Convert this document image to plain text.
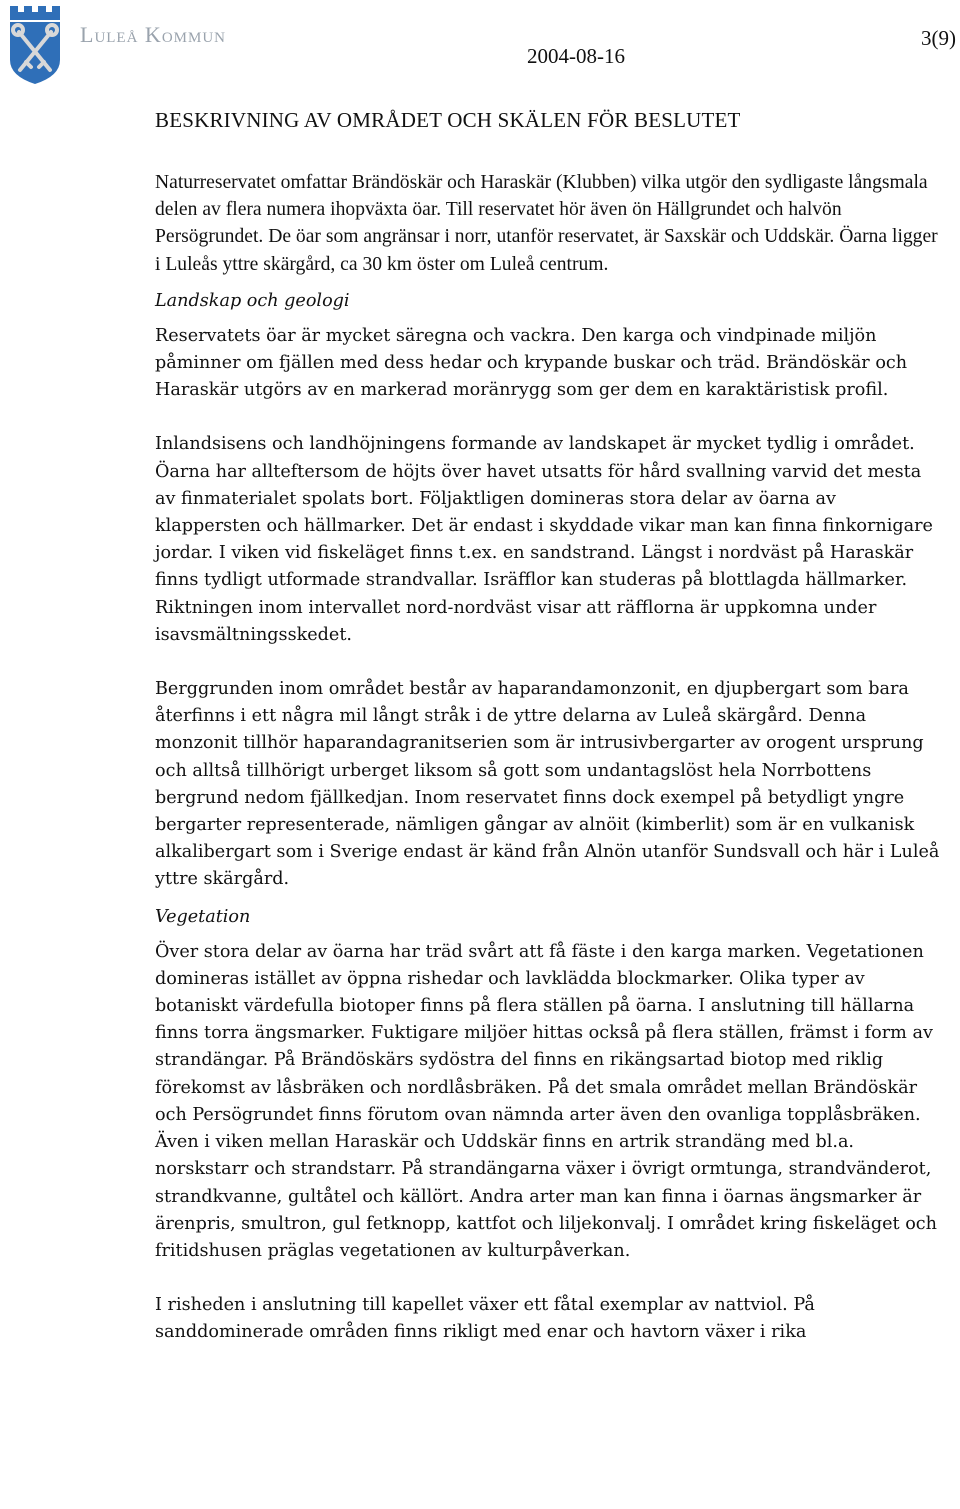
Luleå Kommun
2004-08-16
3(9)
BESKRIVNING AV OMRÅDET OCH SKÄLEN FÖR BESLUTET

Naturreservatet omfattar Brändöskär och Haraskär (Klubben) vilka utgör den sydligaste långsmala delen av flera numera ihopväxta öar. Till reservatet hör även ön Hällgrundet och halvön Persögrundet. De öar som angränsar i norr, utanför reservatet, är Saxskär och Uddskär. Öarna ligger i Luleås yttre skärgård, ca 30 km öster om Luleå centrum.

Landskap och geologi

Reservatets öar är mycket säregna och vackra. Den karga och vindpinade miljön påminner om fjällen med dess hedar och krypande buskar och träd. Brändöskär och Haraskär utgörs av en markerad moränrygg som ger dem en karaktäristisk profil.

Inlandsisens och landhöjningens formande av landskapet är mycket tydlig i området. Öarna har allteftersom de höjts över havet utsatts för hård svallning varvid det mesta av finmaterialet spolats bort. Följaktligen domineras stora delar av öarna av klappersten och hällmarker. Det är endast i skyddade vikar man kan finna finkornigare jordar. I viken vid fiskeläget finns t.ex. en sandstrand. Längst i nordväst på Haraskär finns tydligt utformade strandvallar. Isräfflor kan studeras på blottlagda hällmarker. Riktningen inom intervallet nord-nordväst visar att räfflorna är uppkomna under isavsmältningsskedet.

Berggrunden inom området består av haparandamonzonit, en djupbergart som bara återfinns i ett några mil långt stråk i de yttre delarna av Luleå skärgård. Denna monzonit tillhör haparandagranitserien som är intrusivbergarter av orogent ursprung och alltså tillhörigt urberget liksom så gott som undantagslöst hela Norrbottens bergrund nedom fjällkedjan. Inom reservatet finns dock exempel på betydligt yngre bergarter representerade, nämligen gångar av alnöit (kimberlit) som är en vulkanisk alkalibergart som i Sverige endast är känd från Alnön utanför Sundsvall och här i Luleå yttre skärgård.

Vegetation

Över stora delar av öarna har träd svårt att få fäste i den karga marken. Vegetationen domineras istället av öppna rishedar och lavklädda blockmarker. Olika typer av botaniskt värdefulla biotoper finns på flera ställen på öarna. I anslutning till hällarna finns torra ängsmarker. Fuktigare miljöer hittas också på flera ställen, främst i form av strandängar. På Brändöskärs sydöstra del finns en rikängsartad biotop med riklig förekomst av låsbräken och nordlåsbräken. På det smala området mellan Brändöskär och Persögrundet finns förutom ovan nämnda arter även den ovanliga topplåsbräken. Även i viken mellan Haraskär och Uddskär finns en artrik strandäng med bl.a. norskstarr och strandstarr. På strandängarna växer i övrigt ormtunga, strandvänderot, strandkvanne, gultåtel och källört. Andra arter man kan finna i öarnas ängsmarker är ärenpris, smultron, gul fetknopp, kattfot och liljekonvalj. I området kring fiskeläget och fritidshusen präglas vegetationen av kulturpåverkan.

I risheden i anslutning till kapellet växer ett fåtal exemplar av nattviol. På sanddominerade områden finns rikligt med enar och havtorn växer i rika
